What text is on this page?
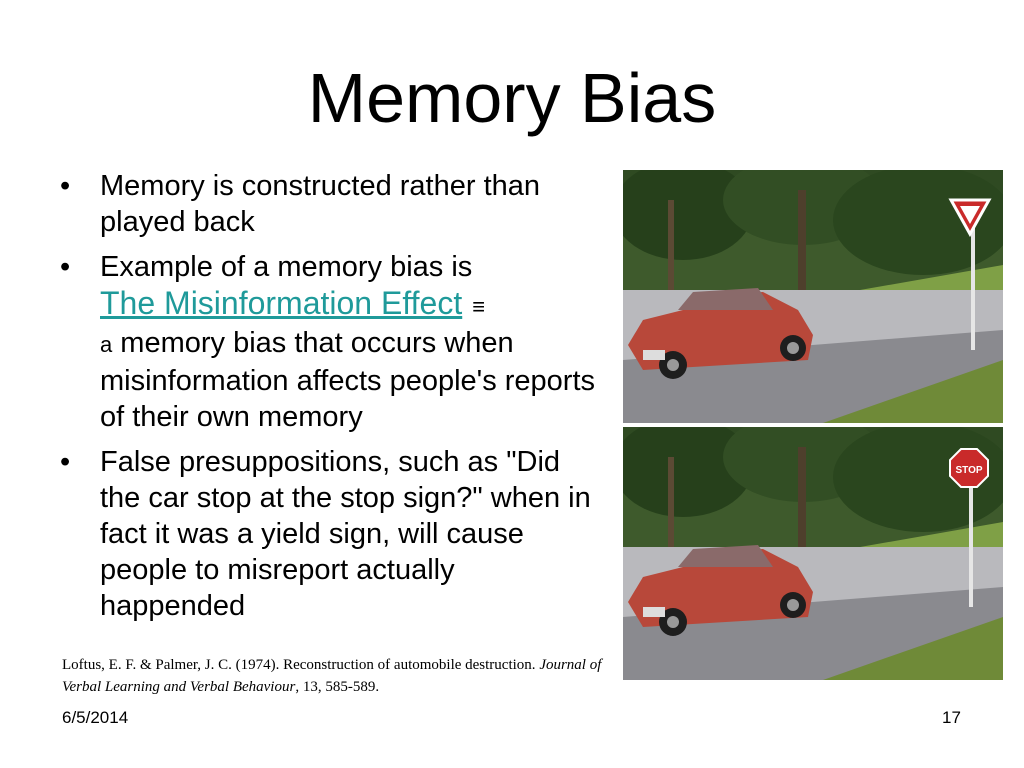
Memory Bias
• Memory is constructed rather than played back
• Example of a memory bias is
The Misinformation Effect ≡
a memory bias that occurs when misinformation affects people's reports of their own memory
• False presuppositions, such as "Did the car stop at the stop sign?" when in fact it was a yield sign, will cause people to misreport actually happended
Loftus, E. F. & Palmer, J. C. (1974). Reconstruction of automobile destruction. Journal of Verbal Learning and Verbal Behaviour, 13, 585-589.
STOP
6/5/2014	17
